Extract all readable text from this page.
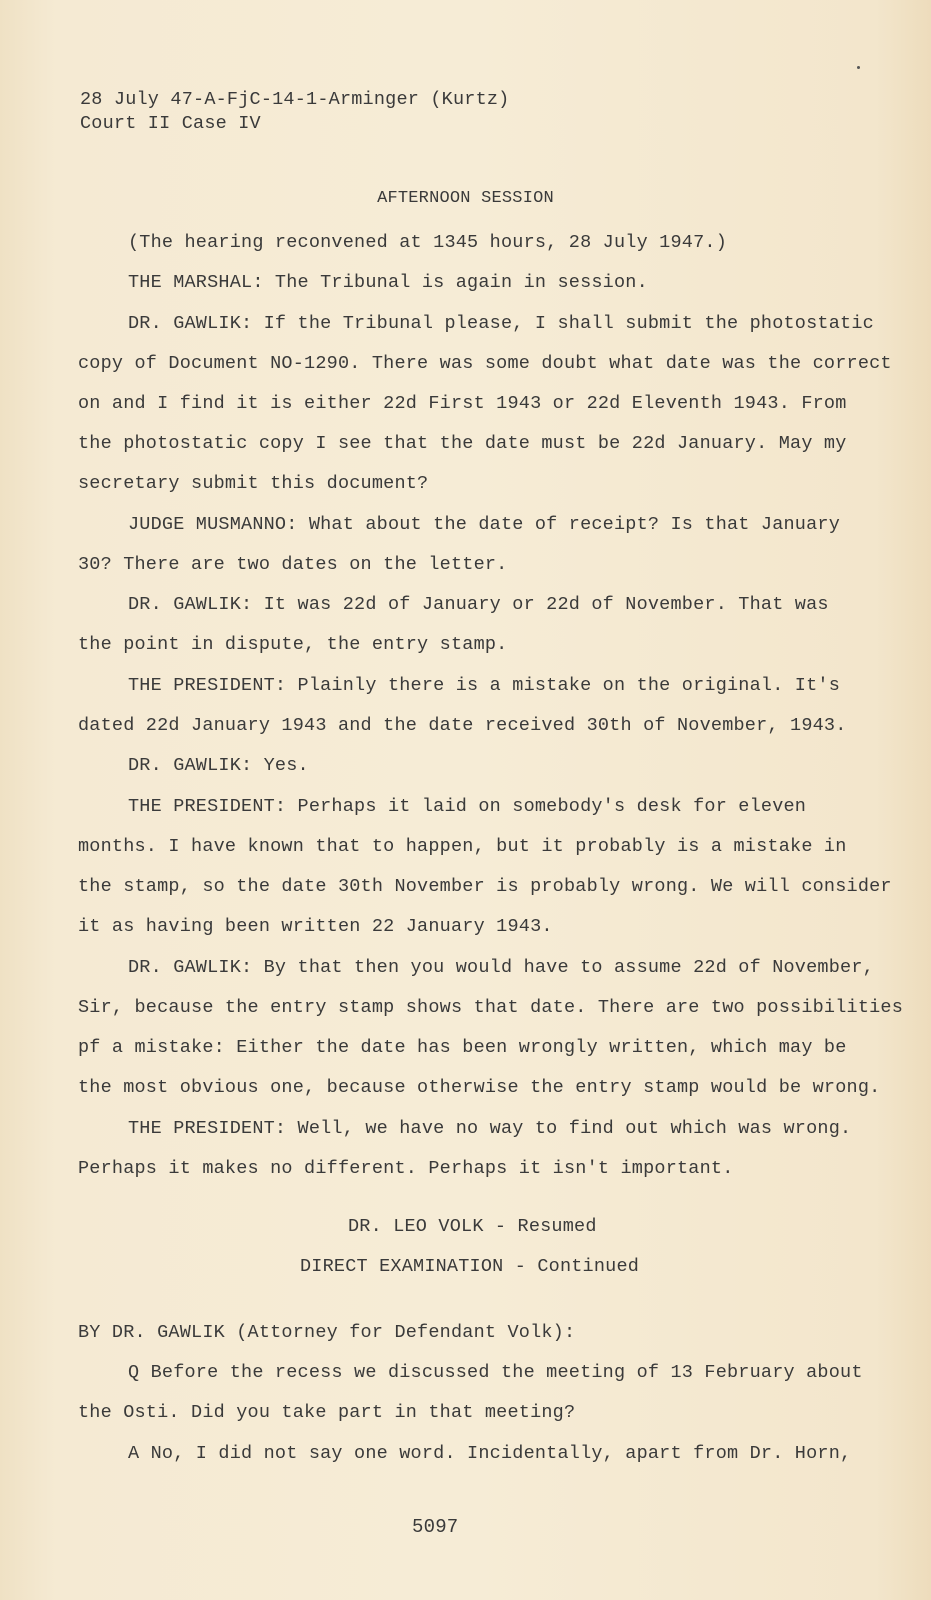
28 July 47-A-FjC-14-1-Arminger (Kurtz)
Court II Case IV
AFTERNOON SESSION
(The hearing reconvened at 1345 hours, 28 July 1947.)
THE MARSHAL: The Tribunal is again in session.
DR. GAWLIK: If the Tribunal please, I shall submit the photostatic
copy of Document NO-1290. There was some doubt what date was the correct
on and I find it is either 22d First 1943 or 22d Eleventh 1943. From
the photostatic copy I see that the date must be 22d January. May my
secretary submit this document?
JUDGE MUSMANNO: What about the date of receipt? Is that January
30? There are two dates on the letter.
DR. GAWLIK: It was 22d of January or 22d of November. That was
the point in dispute, the entry stamp.
THE PRESIDENT: Plainly there is a mistake on the original. It's
dated 22d January 1943 and the date received 30th of November, 1943.
DR. GAWLIK: Yes.
THE PRESIDENT: Perhaps it laid on somebody's desk for eleven
months. I have known that to happen, but it probably is a mistake in
the stamp, so the date 30th November is probably wrong. We will consider
it as having been written 22 January 1943.
DR. GAWLIK: By that then you would have to assume 22d of November,
Sir, because the entry stamp shows that date. There are two possibilities
pf a mistake: Either the date has been wrongly written, which may be
the most obvious one, because otherwise the entry stamp would be wrong.
THE PRESIDENT: Well, we have no way to find out which was wrong.
Perhaps it makes no different. Perhaps it isn't important.
DR. LEO VOLK - Resumed
DIRECT EXAMINATION - Continued
BY DR. GAWLIK (Attorney for Defendant Volk):
Q Before the recess we discussed the meeting of 13 February about
the Osti. Did you take part in that meeting?
A No, I did not say one word. Incidentally, apart from Dr. Horn,
5097
